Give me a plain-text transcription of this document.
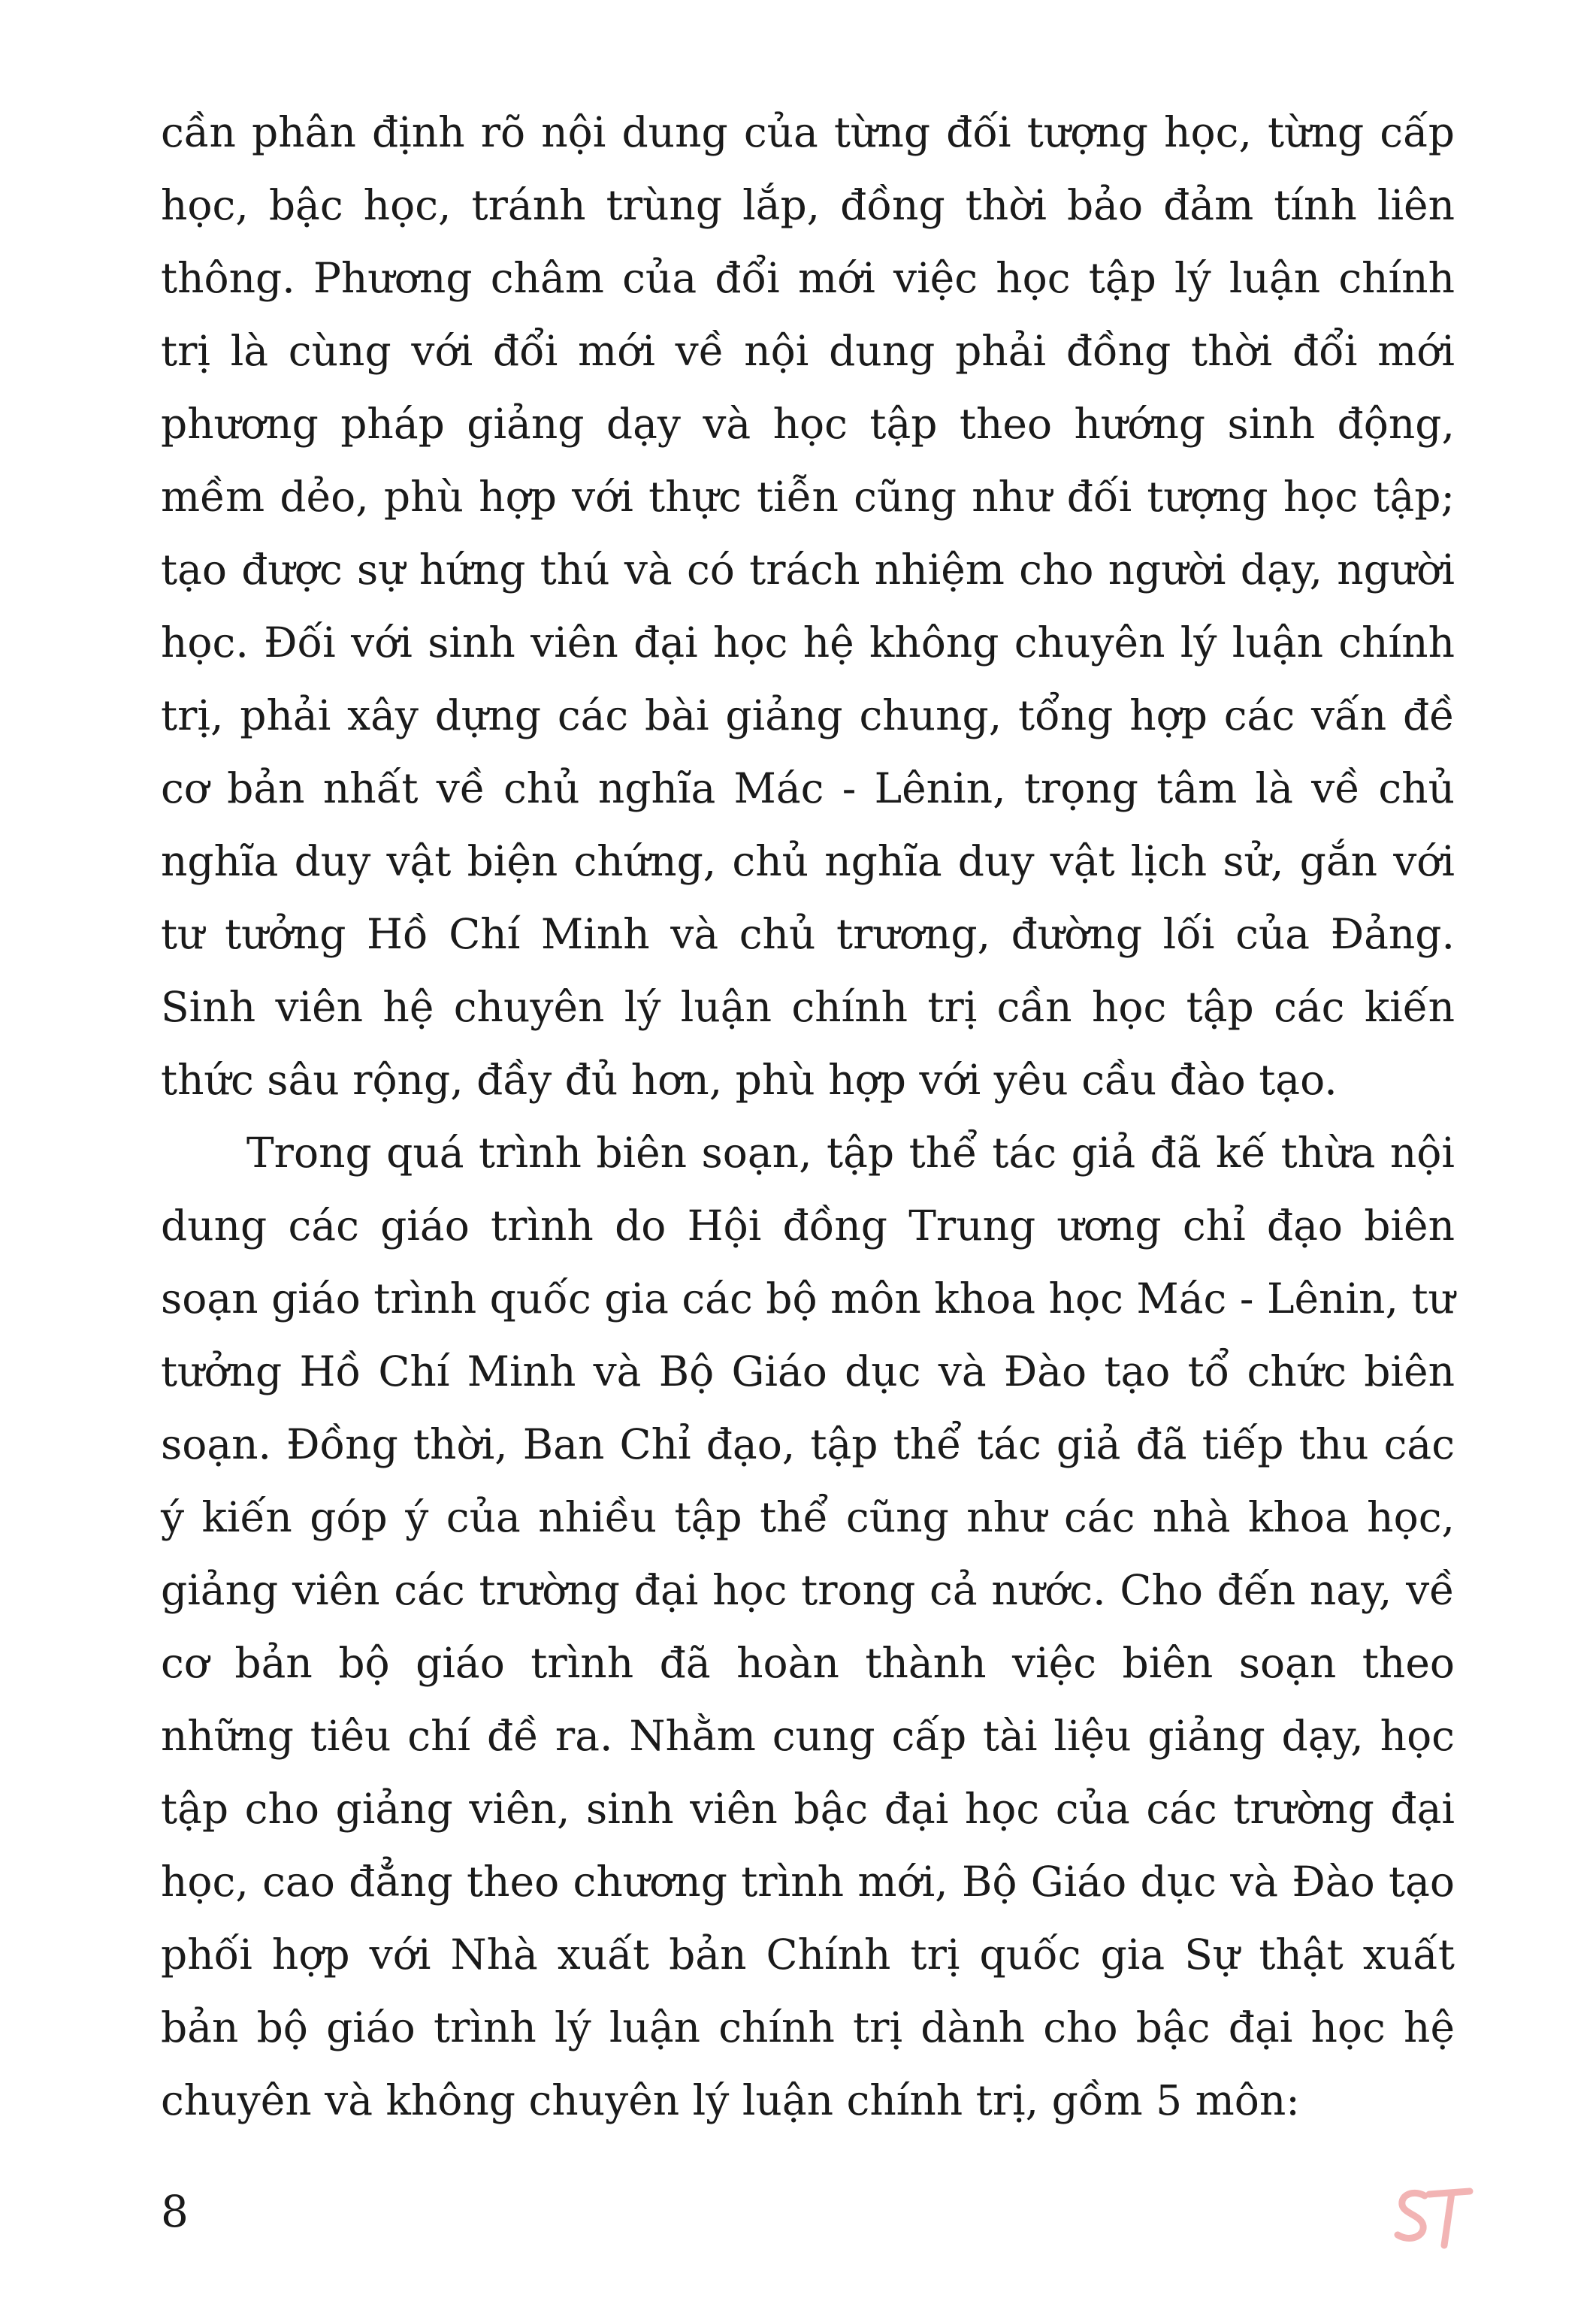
cần phân định rõ nội dung của từng đối tượng học, từng cấp học, bậc học, tránh trùng lắp, đồng thời bảo đảm tính liên thông. Phương châm của đổi mới việc học tập lý luận chính trị là cùng với đổi mới về nội dung phải đồng thời đổi mới phương pháp giảng dạy và học tập theo hướng sinh động, mềm dẻo, phù hợp với thực tiễn cũng như đối tượng học tập; tạo được sự hứng thú và có trách nhiệm cho người dạy, người học. Đối với sinh viên đại học hệ không chuyên lý luận chính trị, phải xây dựng các bài giảng chung, tổng hợp các vấn đề cơ bản nhất về chủ nghĩa Mác - Lênin, trọng tâm là về chủ nghĩa duy vật biện chứng, chủ nghĩa duy vật lịch sử, gắn với tư tưởng Hồ Chí Minh và chủ trương, đường lối của Đảng. Sinh viên hệ chuyên lý luận chính trị cần học tập các kiến thức sâu rộng, đầy đủ hơn, phù hợp với yêu cầu đào tạo.

Trong quá trình biên soạn, tập thể tác giả đã kế thừa nội dung các giáo trình do Hội đồng Trung ương chỉ đạo biên soạn giáo trình quốc gia các bộ môn khoa học Mác - Lênin, tư tưởng Hồ Chí Minh và Bộ Giáo dục và Đào tạo tổ chức biên soạn. Đồng thời, Ban Chỉ đạo, tập thể tác giả đã tiếp thu các ý kiến góp ý của nhiều tập thể cũng như các nhà khoa học, giảng viên các trường đại học trong cả nước. Cho đến nay, về cơ bản bộ giáo trình đã hoàn thành việc biên soạn theo những tiêu chí đề ra. Nhằm cung cấp tài liệu giảng dạy, học tập cho giảng viên, sinh viên bậc đại học của các trường đại học, cao đẳng theo chương trình mới, Bộ Giáo dục và Đào tạo phối hợp với Nhà xuất bản Chính trị quốc gia Sự thật xuất bản bộ giáo trình lý luận chính trị dành cho bậc đại học hệ chuyên và không chuyên lý luận chính trị, gồm 5 môn:

8
